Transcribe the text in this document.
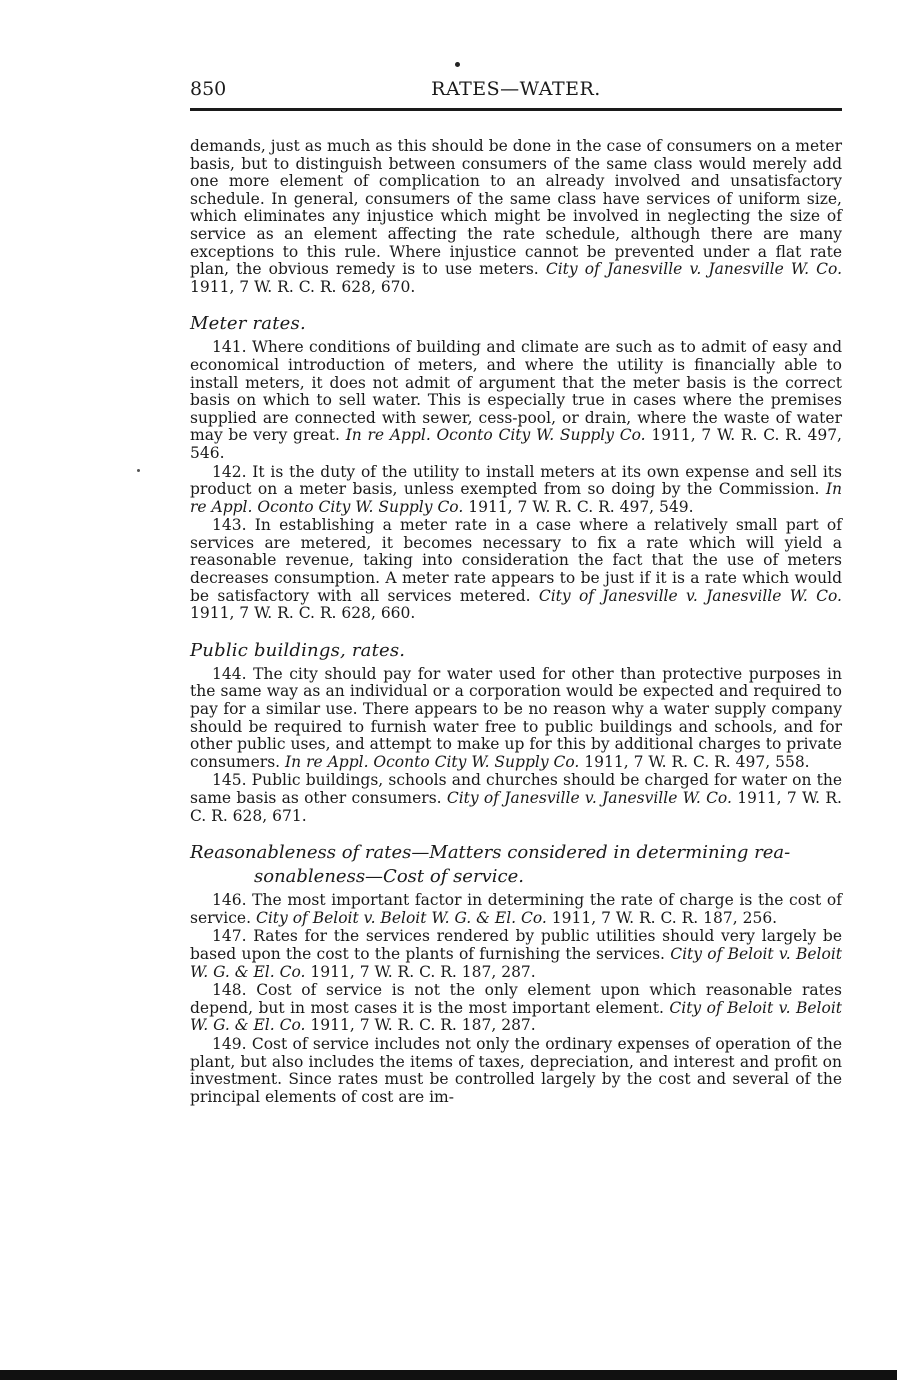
850	RATES—WATER.

demands, just as much as this should be done in the case of consumers on a meter basis, but to distinguish between consumers of the same class would merely add one more element of complication to an already involved and unsatisfactory schedule. In general, consumers of the same class have services of uniform size, which eliminates any injustice which might be involved in neglecting the size of service as an element affecting the rate schedule, although there are many exceptions to this rule. Where injustice cannot be prevented under a flat rate plan, the obvious remedy is to use meters. City of Janesville v. Janesville W. Co. 1911, 7 W. R. C. R. 628, 670.

Meter rates.

141. Where conditions of building and climate are such as to admit of easy and economical introduction of meters, and where the utility is financially able to install meters, it does not admit of argument that the meter basis is the correct basis on which to sell water. This is especially true in cases where the premises supplied are connected with sewer, cess-pool, or drain, where the waste of water may be very great. In re Appl. Oconto City W. Supply Co. 1911, 7 W. R. C. R. 497, 546.

142. It is the duty of the utility to install meters at its own expense and sell its product on a meter basis, unless exempted from so doing by the Commission. In re Appl. Oconto City W. Supply Co. 1911, 7 W. R. C. R. 497, 549.

143. In establishing a meter rate in a case where a relatively small part of services are metered, it becomes necessary to fix a rate which will yield a reasonable revenue, taking into consideration the fact that the use of meters decreases consumption. A meter rate appears to be just if it is a rate which would be satisfactory with all services metered. City of Janesville v. Janesville W. Co. 1911, 7 W. R. C. R. 628, 660.

Public buildings, rates.

144. The city should pay for water used for other than protective purposes in the same way as an individual or a corporation would be expected and required to pay for a similar use. There appears to be no reason why a water supply company should be required to furnish water free to public buildings and schools, and for other public uses, and attempt to make up for this by additional charges to private consumers. In re Appl. Oconto City W. Supply Co. 1911, 7 W. R. C. R. 497, 558.

145. Public buildings, schools and churches should be charged for water on the same basis as other consumers. City of Janesville v. Janesville W. Co. 1911, 7 W. R. C. R. 628, 671.

Reasonableness of rates—Matters considered in determining rea-
sonableness—Cost of service.

146. The most important factor in determining the rate of charge is the cost of service. City of Beloit v. Beloit W. G. & El. Co. 1911, 7 W. R. C. R. 187, 256.

147. Rates for the services rendered by public utilities should very largely be based upon the cost to the plants of furnishing the services. City of Beloit v. Beloit W. G. & El. Co. 1911, 7 W. R. C. R. 187, 287.

148. Cost of service is not the only element upon which reasonable rates depend, but in most cases it is the most important element. City of Beloit v. Beloit W. G. & El. Co. 1911, 7 W. R. C. R. 187, 287.

149. Cost of service includes not only the ordinary expenses of operation of the plant, but also includes the items of taxes, depreciation, and interest and profit on investment. Since rates must be controlled largely by the cost and several of the principal elements of cost are im-
